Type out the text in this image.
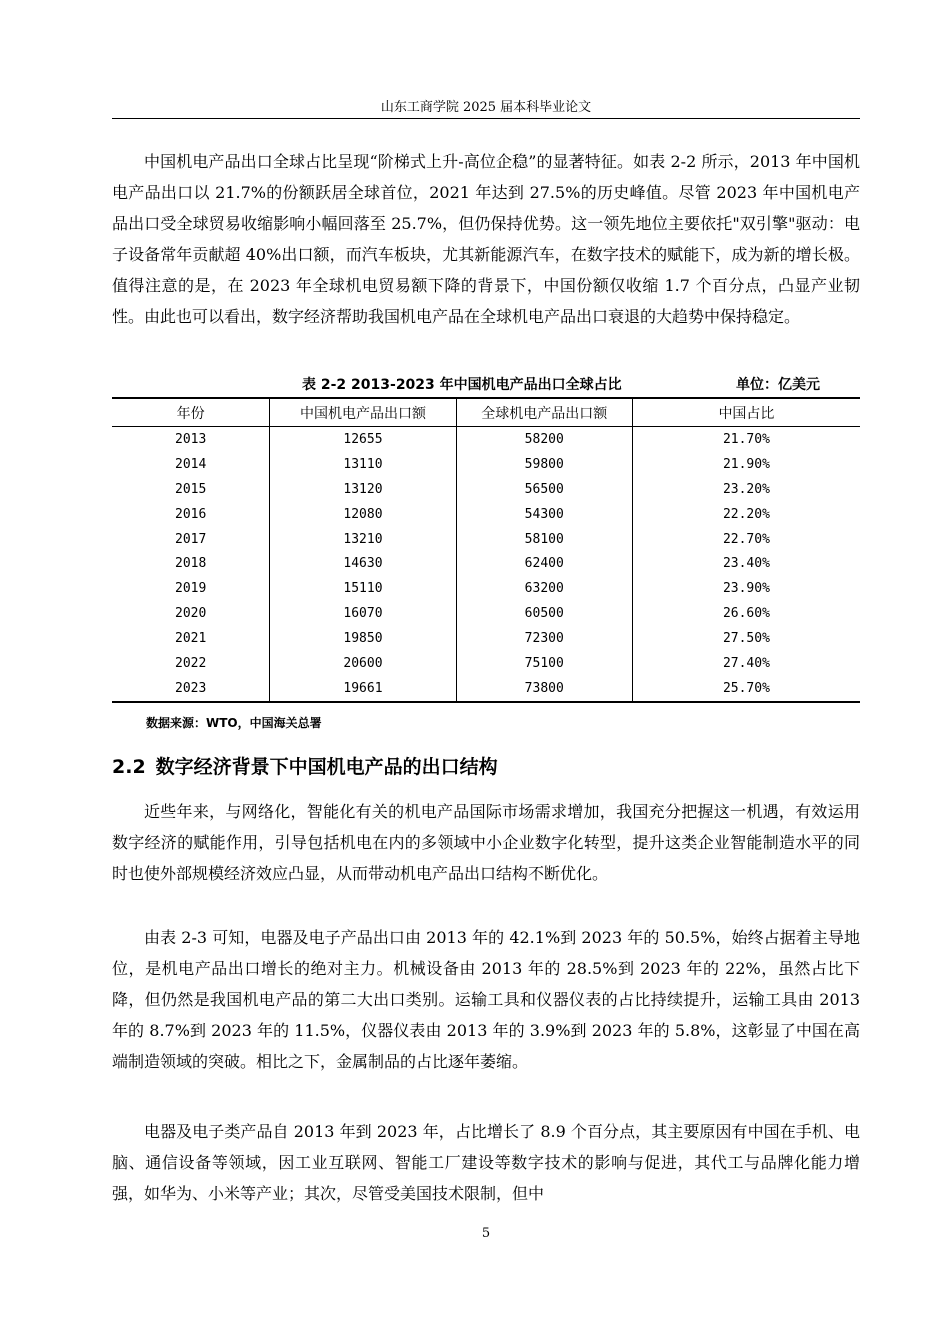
山东工商学院 2025 届本科毕业论文

中国机电产品出口全球占比呈现“阶梯式上升-高位企稳”的显著特征。如表 2-2 所示，2013 年中国机电产品出口以 21.7%的份额跃居全球首位，2021 年达到 27.5%的历史峰值。尽管 2023 年中国机电产品出口受全球贸易收缩影响小幅回落至 25.7%，但仍保持优势。这一领先地位主要依托"双引擎"驱动：电子设备常年贡献超 40%出口额，而汽车板块，尤其新能源汽车，在数字技术的赋能下，成为新的增长极。值得注意的是，在 2023 年全球机电贸易额下降的背景下，中国份额仅收缩 1.7 个百分点，凸显产业韧性。由此也可以看出，数字经济帮助我国机电产品在全球机电产品出口衰退的大趋势中保持稳定。

表 2-2 2013-2023 年中国机电产品出口全球占比	单位：亿美元
年份	中国机电产品出口额	全球机电产品出口额	中国占比
2013	12655	58200	21.70%
2014	13110	59800	21.90%
2015	13120	56500	23.20%
2016	12080	54300	22.20%
2017	13210	58100	22.70%
2018	14630	62400	23.40%
2019	15110	63200	23.90%
2020	16070	60500	26.60%
2021	19850	72300	27.50%
2022	20600	75100	27.40%
2023	19661	73800	25.70%
数据来源：WTO，中国海关总署
2.2 数字经济背景下中国机电产品的出口结构

近些年来，与网络化，智能化有关的机电产品国际市场需求增加，我国充分把握这一机遇，有效运用数字经济的赋能作用，引导包括机电在内的多领域中小企业数字化转型，提升这类企业智能制造水平的同时也使外部规模经济效应凸显，从而带动机电产品出口结构不断优化。

由表 2-3 可知，电器及电子产品出口由 2013 年的 42.1%到 2023 年的 50.5%，始终占据着主导地位，是机电产品出口增长的绝对主力。机械设备由 2013 年的 28.5%到 2023 年的 22%，虽然占比下降，但仍然是我国机电产品的第二大出口类别。运输工具和仪器仪表的占比持续提升，运输工具由 2013 年的 8.7%到 2023 年的 11.5%，仪器仪表由 2013 年的 3.9%到 2023 年的 5.8%，这彰显了中国在高端制造领域的突破。相比之下，金属制品的占比逐年萎缩。

电器及电子类产品自 2013 年到 2023 年，占比增长了 8.9 个百分点，其主要原因有中国在手机、电脑、通信设备等领域，因工业互联网、智能工厂建设等数字技术的影响与促进，其代工与品牌化能力增强，如华为、小米等产业；其次，尽管受美国技术限制，但中

5
